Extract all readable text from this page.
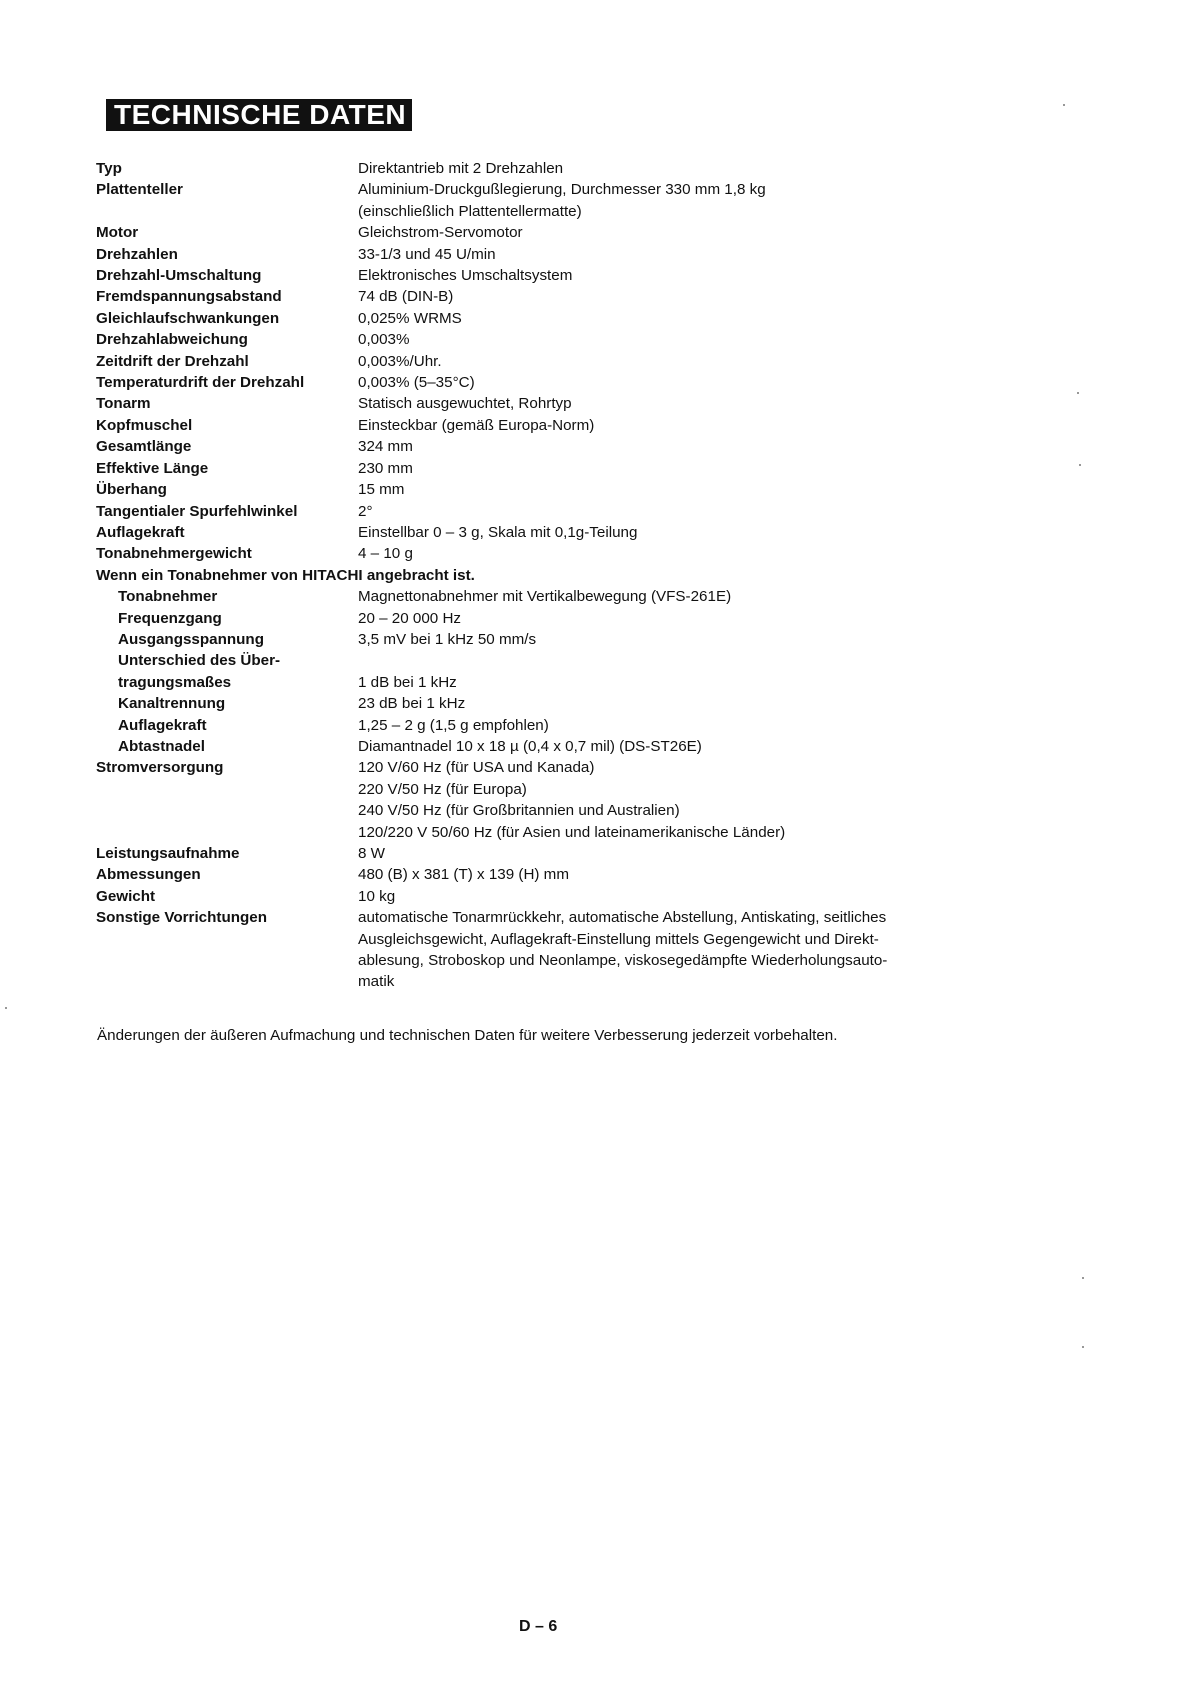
TECHNISCHE DATEN
Typ	Direktantrieb mit 2 Drehzahlen
Plattenteller	Aluminium-Druckgußlegierung, Durchmesser 330 mm 1,8 kg
(einschließlich Plattentellermatte)
Motor	Gleichstrom-Servomotor
Drehzahlen	33-1/3 und 45 U/min
Drehzahl-Umschaltung	Elektronisches Umschaltsystem
Fremdspannungsabstand	74 dB (DIN-B)
Gleichlaufschwankungen	0,025% WRMS
Drehzahlabweichung	0,003%
Zeitdrift der Drehzahl	0,003%/Uhr.
Temperaturdrift der Drehzahl	0,003% (5–35°C)
Tonarm	Statisch ausgewuchtet, Rohrtyp
Kopfmuschel	Einsteckbar (gemäß Europa-Norm)
Gesamtlänge	324 mm
Effektive Länge	230 mm
Überhang	15 mm
Tangentialer Spurfehlwinkel	2°
Auflagekraft	Einstellbar 0 – 3 g, Skala mit 0,1g-Teilung
Tonabnehmergewicht	4 – 10 g
Wenn ein Tonabnehmer von HITACHI angebracht ist.
Tonabnehmer	Magnettonabnehmer mit Vertikalbewegung (VFS-261E)
Frequenzgang	20 – 20 000 Hz
Ausgangsspannung	3,5 mV bei 1 kHz 50 mm/s
Unterschied des Über-
tragungsmaßes	1 dB bei 1 kHz
Kanaltrennung	23 dB bei 1 kHz
Auflagekraft	1,25 – 2 g (1,5 g empfohlen)
Abtastnadel	Diamantnadel 10 x 18 µ (0,4 x 0,7 mil) (DS-ST26E)
Stromversorgung	120 V/60 Hz (für USA und Kanada)
220 V/50 Hz (für Europa)
240 V/50 Hz (für Großbritannien und Australien)
120/220 V 50/60 Hz (für Asien und lateinamerikanische Länder)
Leistungsaufnahme	8 W
Abmessungen	480 (B) x 381 (T) x 139 (H) mm
Gewicht	10 kg
Sonstige Vorrichtungen	automatische Tonarmrückkehr, automatische Abstellung, Antiskating, seitliches
Ausgleichsgewicht, Auflagekraft-Einstellung mittels Gegengewicht und Direkt-
ablesung, Stroboskop und Neonlampe, viskosegedämpfte Wiederholungsauto-
matik
Änderungen der äußeren Aufmachung und technischen Daten für weitere Verbesserung jederzeit vorbehalten.
D – 6
